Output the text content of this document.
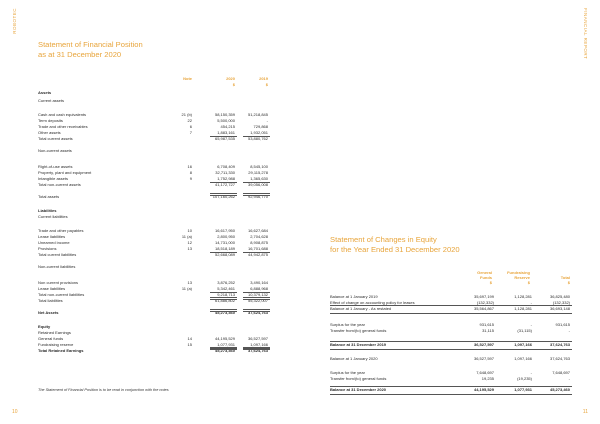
ROBOTEC	FINANCIAL REPORT
10	11
Statement of Financial Position
as at 31 December 2020
Note	2020	2019
$	$
Assets
Current assets
Cash and cash equivalents	21 (b)	58,150,359	51,218,845
Term deposits	22	5,500,000	-
Trade and other receivables	6	454,215	729,868
Other assets	7	1,883,161	1,932,051
Total current assets	65,987,535	53,880,762
Non-current assets
Right-of-use assets	16	6,708,409	8,545,100
Property, plant and equipment	8	32,711,330	29,115,278
Intangible assets	9	1,752,988	1,365,630
Total non-current assets	41,172,727	39,056,008
Total assets	107,160,262	92,946,770
Liabilities
Current liabilities
Trade and other payables	10	16,617,950	16,627,684
Lease liabilities	11 (a)	2,800,950	2,704,628
Unearned income	12	14,731,000	8,908,875
Provisions	13	18,518,189	16,701,688
Total current liabilities	52,668,089	44,942,875
Non-current liabilities
Non current provisions	13	3,876,252	3,490,164
Lease liabilities	11 (a)	5,342,461	6,888,968
Total non-current liabilities	9,218,713	10,379,132
Total liabilities	61,886,802	55,322,007
Net Assets	45,273,460	37,624,763
Equity
Retained Earnings
General funds	14	44,195,529	36,527,597
Fundraising reserve	15	1,077,931	1,097,166
Total Retained Earnings	45,273,460	37,624,763
The Statement of Financial Position is to be read in conjunction with the notes
Statement of Changes in Equity
for the Year Ended 31 December 2020
General
Funds
$
Fundraising
Reserve
$
Total
$
Balance at 1 January 2019	35,697,199	1,128,281	36,825,480
Effect of change on accounting policy for leases	(132,332)	-	(132,332)
Balance at 1 January - As restated	35,564,867	1,128,281	36,693,148
Surplus for the year	931,615	-	931,615
Transfer from/(to) general funds	31,115	(31,115)	-
Balance at 31 December 2019	36,527,597	1,097,166	37,624,763
Balance at 1 January 2020	36,527,597	1,097,166	37,624,763
Surplus for the year	7,648,697	-	7,648,697
Transfer from/(to) general funds	19,235	(19,235)	-
Balance at 31 December 2020	44,195,529	1,077,931	45,273,460
